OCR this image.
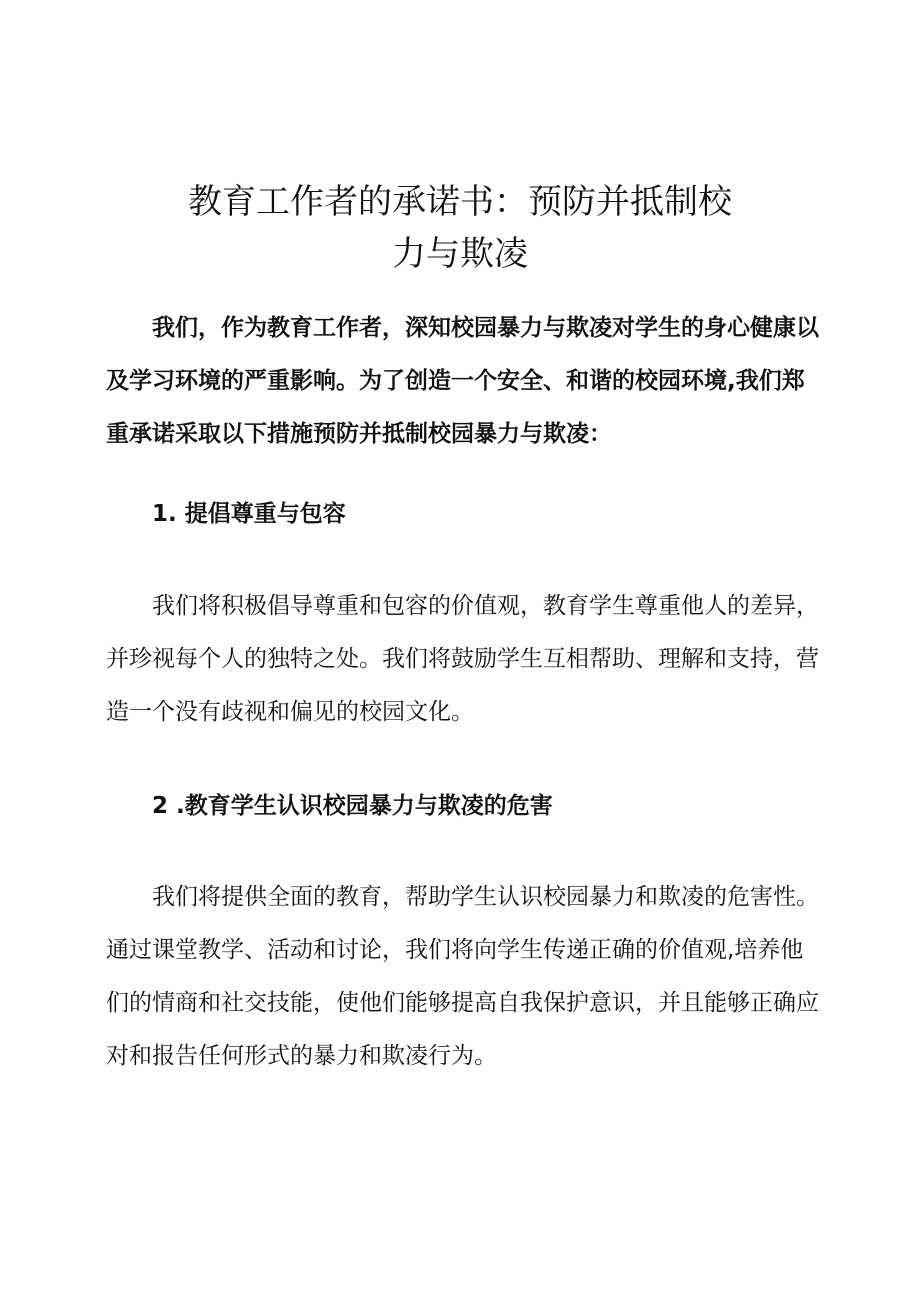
教育工作者的承诺书：预防并抵制校
力与欺凌

我们，作为教育工作者，深知校园暴力与欺凌对学生的身心健康以及学习环境的严重影响。为了创造一个安全、和谐的校园环境,我们郑重承诺采取以下措施预防并抵制校园暴力与欺凌：

1. 提倡尊重与包容

我们将积极倡导尊重和包容的价值观，教育学生尊重他人的差异，并珍视每个人的独特之处。我们将鼓励学生互相帮助、理解和支持，营造一个没有歧视和偏见的校园文化。

2 .教育学生认识校园暴力与欺凌的危害

我们将提供全面的教育，帮助学生认识校园暴力和欺凌的危害性。通过课堂教学、活动和讨论，我们将向学生传递正确的价值观,培养他们的情商和社交技能，使他们能够提高自我保护意识，并且能够正确应对和报告任何形式的暴力和欺凌行为。
